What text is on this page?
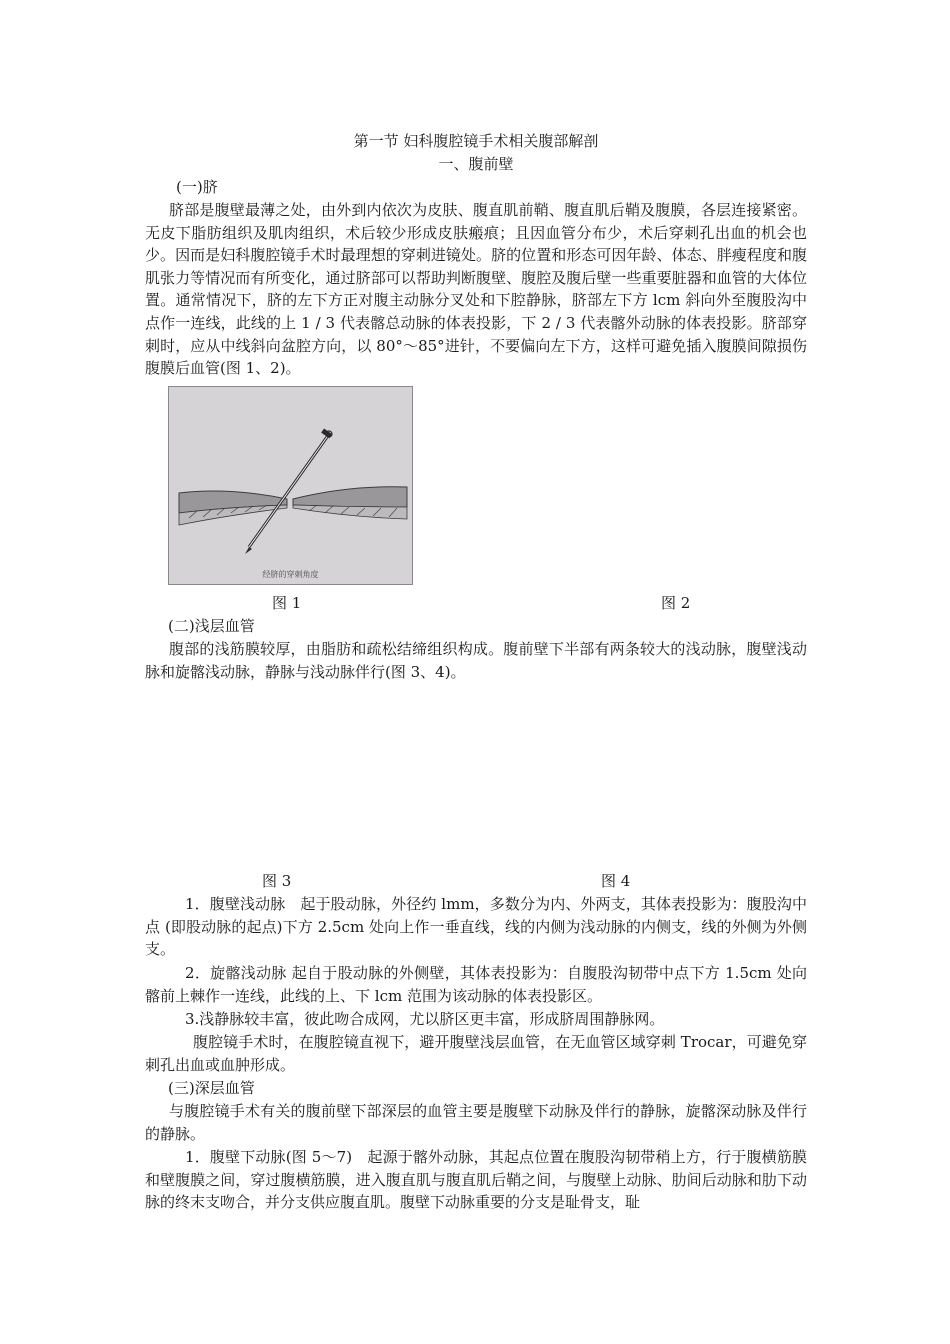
第一节 妇科腹腔镜手术相关腹部解剖
一、腹前壁
(一)脐
脐部是腹壁最薄之处，由外到内依次为皮肤、腹直肌前鞘、腹直肌后鞘及腹膜，各层连接紧密。无皮下脂肪组织及肌肉组织，术后较少形成皮肤瘢痕；且因血管分布少，术后穿刺孔出血的机会也少。因而是妇科腹腔镜手术时最理想的穿刺进镜处。脐的位置和形态可因年龄、体态、胖瘦程度和腹肌张力等情况而有所变化，通过脐部可以帮助判断腹壁、腹腔及腹后壁一些重要脏器和血管的大体位置。通常情况下，脐的左下方正对腹主动脉分叉处和下腔静脉，脐部左下方 lcm 斜向外至腹股沟中点作一连线，此线的上 1 / 3 代表髂总动脉的体表投影，下 2 / 3 代表髂外动脉的体表投影。脐部穿刺时，应从中线斜向盆腔方向，以 80°～85°进针，不要偏向左下方，这样可避免插入腹膜间隙损伤腹膜后血管(图 1、2)。
经脐的穿刺角度
图 1	图 2
(二)浅层血管
腹部的浅筋膜较厚，由脂肪和疏松结缔组织构成。腹前壁下半部有两条较大的浅动脉，腹壁浅动脉和旋髂浅动脉，静脉与浅动脉伴行(图 3、4)。
图 3	图 4
1．腹壁浅动脉　起于股动脉，外径约 lmm，多数分为内、外两支，其体表投影为：腹股沟中点 (即股动脉的起点)下方 2.5cm 处向上作一垂直线，线的内侧为浅动脉的内侧支，线的外侧为外侧支。
2．旋髂浅动脉 起自于股动脉的外侧壁，其体表投影为：自腹股沟韧带中点下方 1.5cm 处向髂前上棘作一连线，此线的上、下 lcm 范围为该动脉的体表投影区。
3.浅静脉较丰富，彼此吻合成网，尤以脐区更丰富，形成脐周围静脉网。
腹腔镜手术时，在腹腔镜直视下，避开腹壁浅层血管，在无血管区域穿刺 Trocar，可避免穿刺孔出血或血肿形成。
(三)深层血管
与腹腔镜手术有关的腹前壁下部深层的血管主要是腹壁下动脉及伴行的静脉，旋髂深动脉及伴行的静脉。
1．腹壁下动脉(图 5～7)　起源于髂外动脉，其起点位置在腹股沟韧带稍上方，行于腹横筋膜和壁腹膜之间，穿过腹横筋膜，进入腹直肌与腹直肌后鞘之间，与腹壁上动脉、肋间后动脉和肋下动脉的终末支吻合，并分支供应腹直肌。腹壁下动脉重要的分支是耻骨支，耻
